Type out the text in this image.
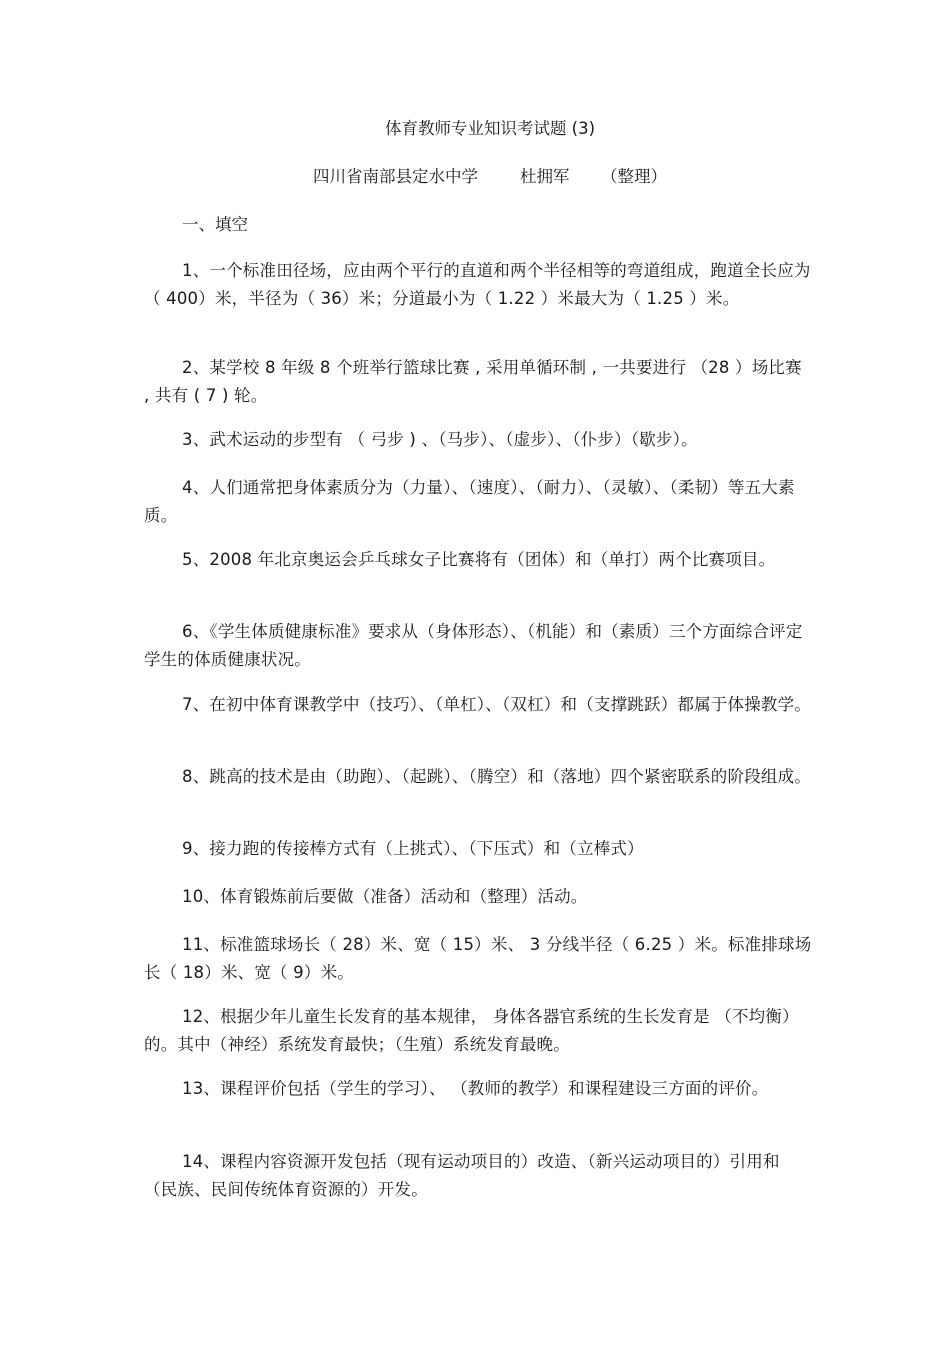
体育教师专业知识考试题 (3)
四川省南部县定水中学        杜拥军      （整理）
一、填空
1、一个标准田径场，应由两个平行的直道和两个半径相等的弯道组成，跑道全长应为（ 400）米，半径为（ 36）米；分道最小为（ 1.22 ）米最大为（ 1.25 ）米。
2、某学校 8 年级 8 个班举行篮球比赛 , 采用单循环制 , 一共要进行 （28 ）场比赛 , 共有 ( 7 ) 轮。
3、武术运动的步型有 （ 弓步 ) 、（马步）、（虚步）、（仆步）（歇步）。
4、人们通常把身体素质分为（力量）、（速度）、（耐力）、（灵敏）、（柔韧）等五大素质。
5、2008 年北京奥运会乒乓球女子比赛将有（团体）和（单打）两个比赛项目。
6、《学生体质健康标准》要求从（身体形态）、（机能）和（素质）三个方面综合评定学生的体质健康状况。
7、在初中体育课教学中（技巧）、（单杠）、（双杠）和（支撑跳跃）都属于体操教学。
8、跳高的技术是由（助跑）、（起跳）、（腾空）和（落地）四个紧密联系的阶段组成。
9、接力跑的传接棒方式有（上挑式）、（下压式）和（立棒式）
10、体育锻炼前后要做（准备）活动和（整理）活动。
11、标准篮球场长（ 28）米、宽（ 15）米、 3 分线半径（ 6.25 ）米。标准排球场长（ 18）米、宽（ 9）米。
12、根据少年儿童生长发育的基本规律， 身体各器官系统的生长发育是 （不均衡）的。其中（神经）系统发育最快；（生殖）系统发育最晚。
13、课程评价包括（学生的学习）、 （教师的教学）和课程建设三方面的评价。
14、课程内容资源开发包括（现有运动项目的）改造、（新兴运动项目的）引用和（民族、民间传统体育资源的）开发。
